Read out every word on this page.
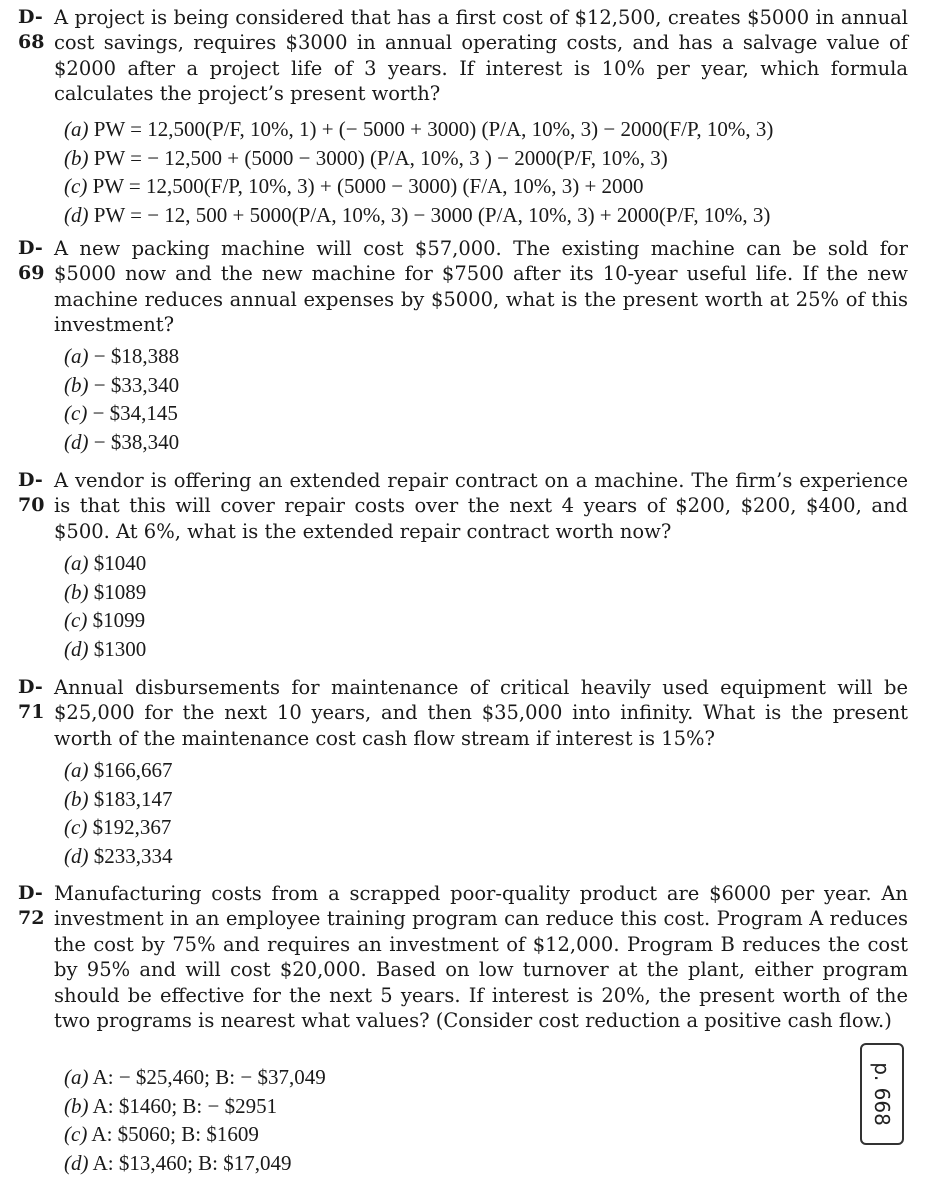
D-
68
A project is being considered that has a first cost of $12,500, creates $5000 in annual cost savings, requires $3000 in annual operating costs, and has a salvage value of $2000 after a project life of 3 years. If interest is 10% per year, which formula calculates the project’s present worth?
(a) PW = 12,500(P/F, 10%, 1) + (− 5000 + 3000) (P/A, 10%, 3) − 2000(F/P, 10%, 3)
(b) PW = − 12,500 + (5000 − 3000) (P/A, 10%, 3 ) − 2000(P/F, 10%, 3)
(c) PW = 12,500(F/P, 10%, 3) + (5000 − 3000) (F/A, 10%, 3) + 2000
(d) PW = − 12, 500 + 5000(P/A, 10%, 3) − 3000 (P/A, 10%, 3) + 2000(P/F, 10%, 3)
D-
69
A new packing machine will cost $57,000. The existing machine can be sold for $5000 now and the new machine for $7500 after its 10-year useful life. If the new machine reduces annual expenses by $5000, what is the present worth at 25% of this investment?
(a) − $18,388
(b) − $33,340
(c) − $34,145
(d) − $38,340
D-
70
A vendor is offering an extended repair contract on a machine. The firm’s experience is that this will cover repair costs over the next 4 years of $200, $200, $400, and $500. At 6%, what is the extended repair contract worth now?
(a) $1040
(b) $1089
(c) $1099
(d) $1300
D-
71
Annual disbursements for maintenance of critical heavily used equipment will be $25,000 for the next 10 years, and then $35,000 into infinity. What is the present worth of the maintenance cost cash flow stream if interest is 15%?
(a) $166,667
(b) $183,147
(c) $192,367
(d) $233,334
D-
72
Manufacturing costs from a scrapped poor-quality product are $6000 per year. An investment in an employee training program can reduce this cost. Program A reduces the cost by 75% and requires an investment of $12,000. Program B reduces the cost by 95% and will cost $20,000. Based on low turnover at the plant, either program should be effective for the next 5 years. If interest is 20%, the present worth of the two programs is nearest what values? (Consider cost reduction a positive cash flow.)
(a) A: − $25,460; B: − $37,049
(b) A: $1460; B: − $2951
(c) A: $5060; B: $1609
(d) A: $13,460; B: $17,049
p. 668
